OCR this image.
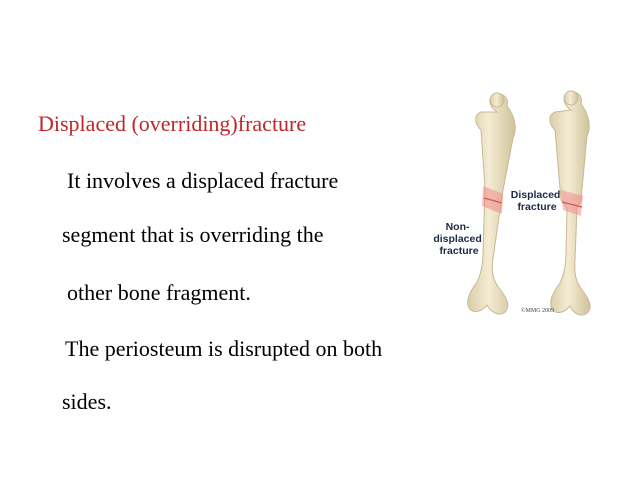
Displaced (overriding)fracture
It involves a displaced fracture
segment that is overriding the
other bone fragment.
The periosteum is disrupted on both
sides.
Displaced fracture
Non- displaced fracture
©MMG 2009
